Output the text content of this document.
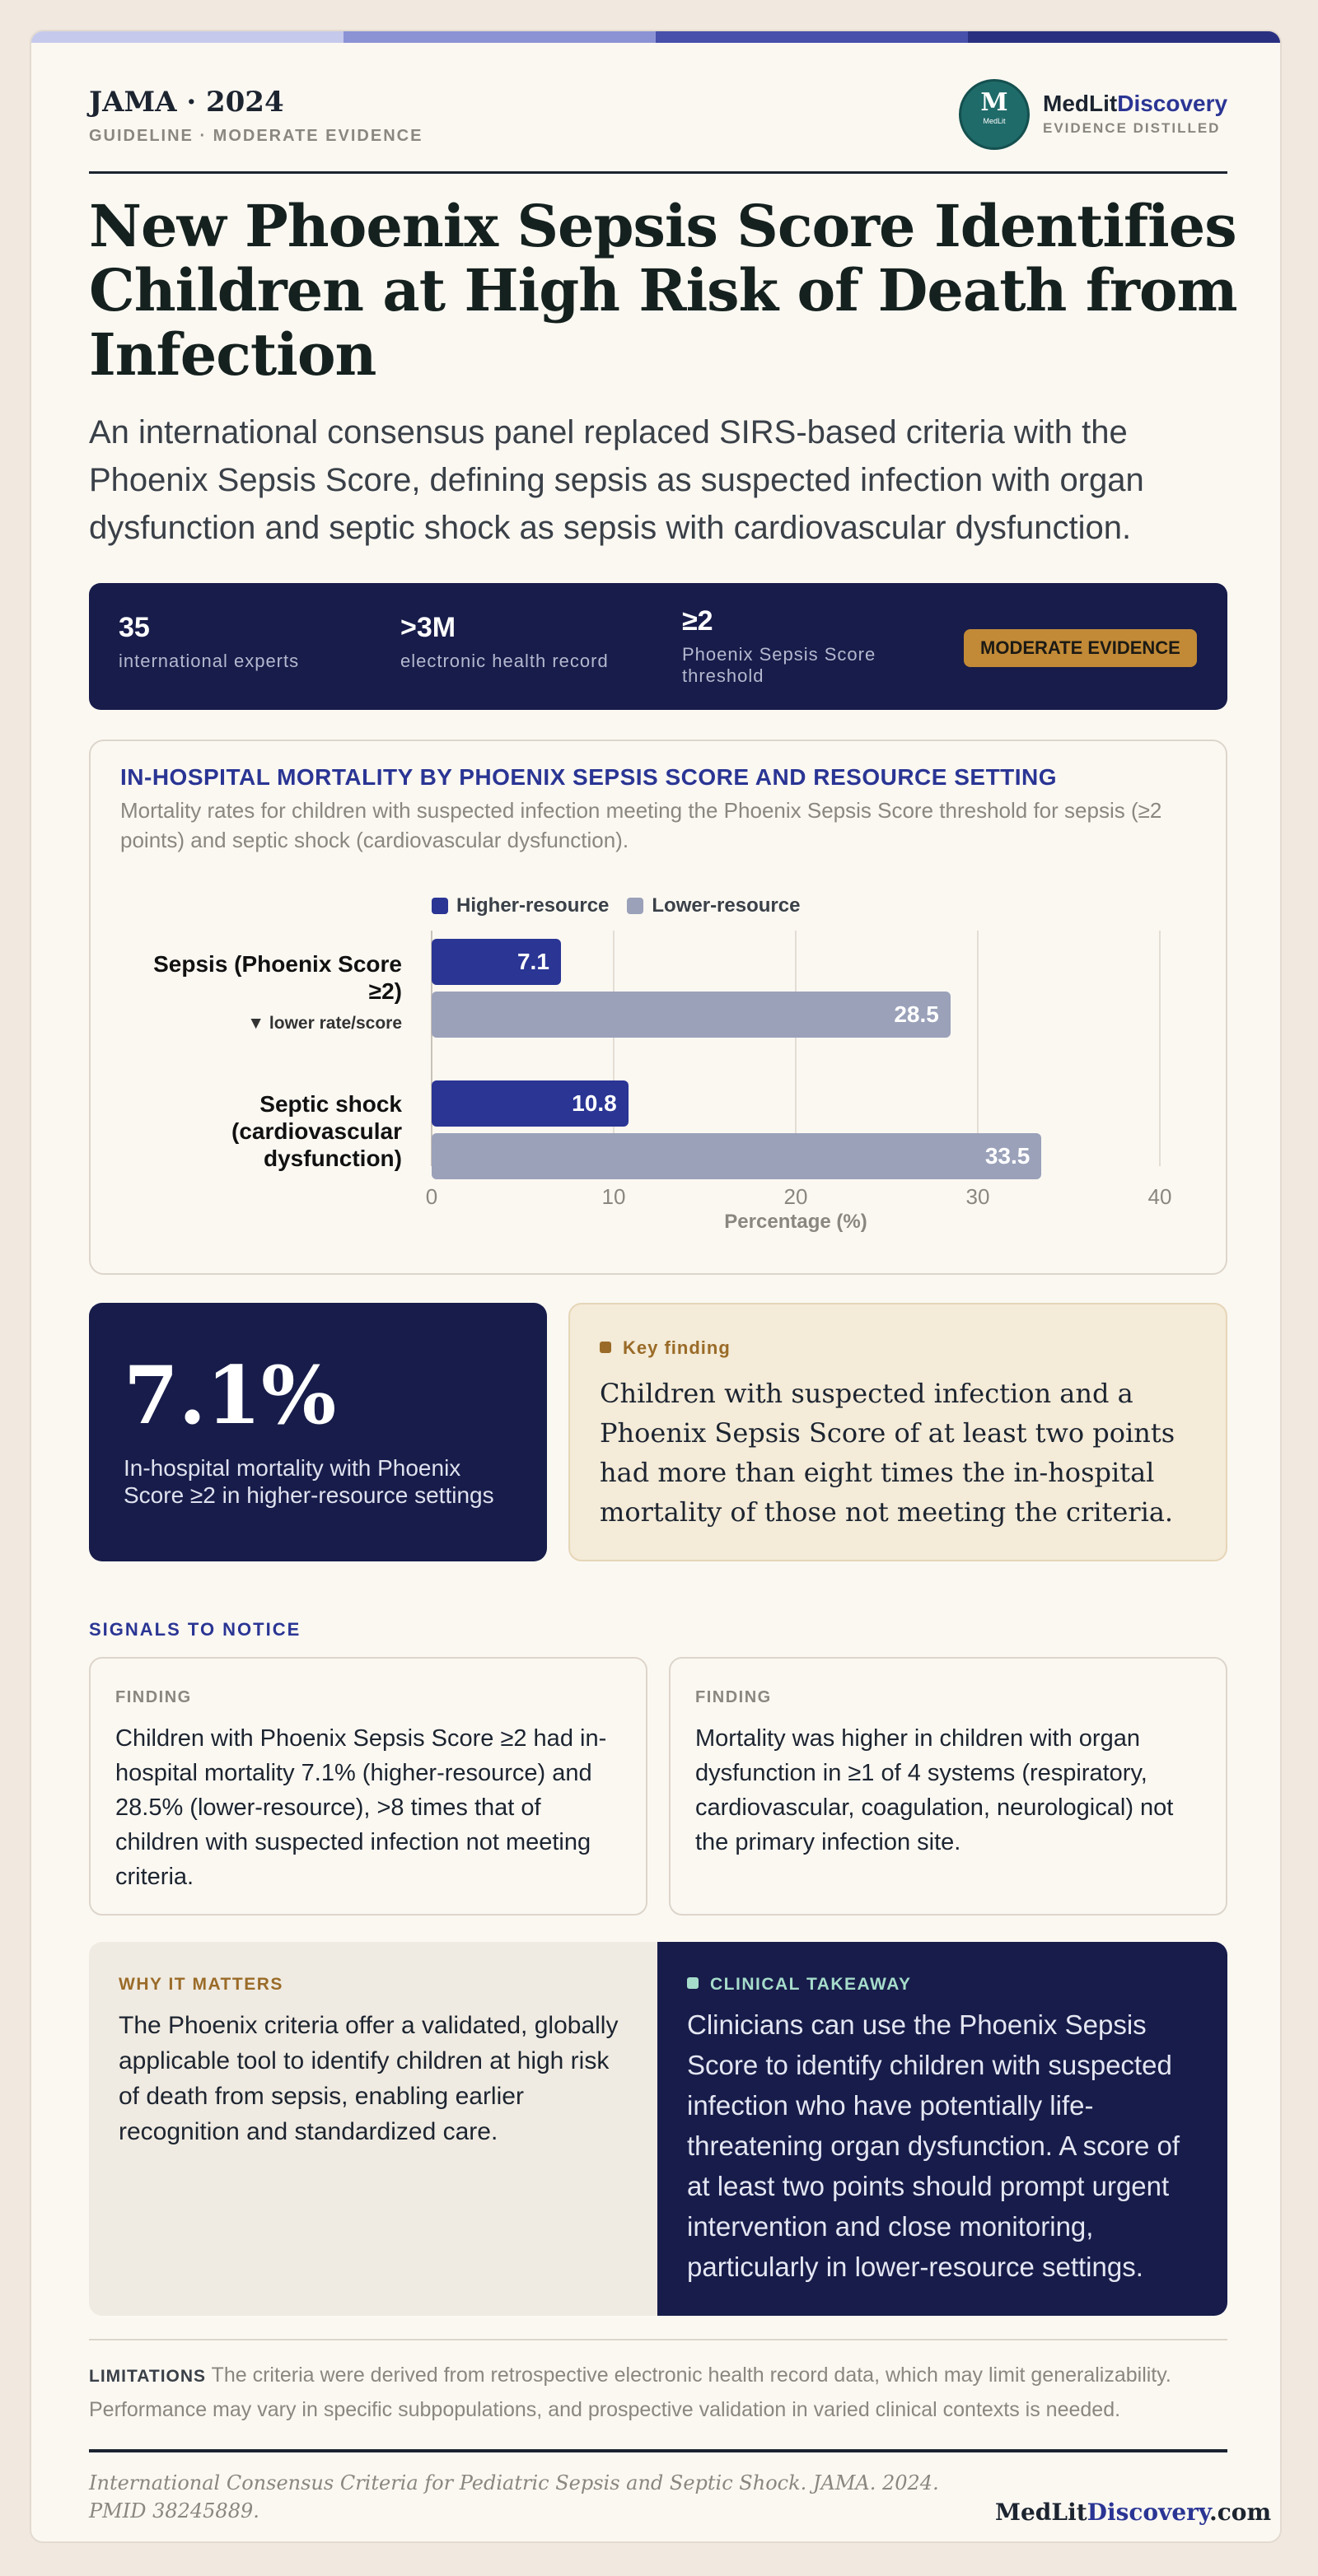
JAMA · 2024
GUIDELINE · MODERATE EVIDENCE
M
MedLit
MedLitDiscovery
EVIDENCE DISTILLED
New Phoenix Sepsis Score Identifies Children at High Risk of Death from Infection

An international consensus panel replaced SIRS-based criteria with the Phoenix Sepsis Score, defining sepsis as suspected infection with organ dysfunction and septic shock as sepsis with cardiovascular dysfunction.

35
international experts
>3M
electronic health record
≥2
Phoenix Sepsis Score threshold
MODERATE EVIDENCE
IN-HOSPITAL MORTALITY BY PHOENIX SEPSIS SCORE AND RESOURCE SETTING
Mortality rates for children with suspected infection meeting the Phoenix Sepsis Score threshold for sepsis (≥2 points) and septic shock (cardiovascular dysfunction).
Higher-resource	Lower-resource
Sepsis (Phoenix Score ≥2)
▼ lower rate/score
Septic shock (cardiovascular dysfunction)
Percentage (%)
0	10	20	30	40
7.1
28.5
10.8
33.5
7.1%
In-hospital mortality with Phoenix Score ≥2 in higher-resource settings
Key finding
Children with suspected infection and a Phoenix Sepsis Score of at least two points had more than eight times the in-hospital mortality of those not meeting the criteria.
SIGNALS TO NOTICE
FINDING
Children with Phoenix Sepsis Score ≥2 had in-hospital mortality 7.1% (higher-resource) and 28.5% (lower-resource), >8 times that of children with suspected infection not meeting criteria.
FINDING
Mortality was higher in children with organ dysfunction in ≥1 of 4 systems (respiratory, cardiovascular, coagulation, neurological) not the primary infection site.
WHY IT MATTERS
The Phoenix criteria offer a validated, globally applicable tool to identify children at high risk of death from sepsis, enabling earlier recognition and standardized care.
CLINICAL TAKEAWAY
Clinicians can use the Phoenix Sepsis Score to identify children with suspected infection who have potentially life-threatening organ dysfunction. A score of at least two points should prompt urgent intervention and close monitoring, particularly in lower-resource settings.
LIMITATIONS The criteria were derived from retrospective electronic health record data, which may limit generalizability. Performance may vary in specific subpopulations, and prospective validation in varied clinical contexts is needed.
International Consensus Criteria for Pediatric Sepsis and Septic Shock. JAMA. 2024. PMID 38245889.	MedLitDiscovery.com
